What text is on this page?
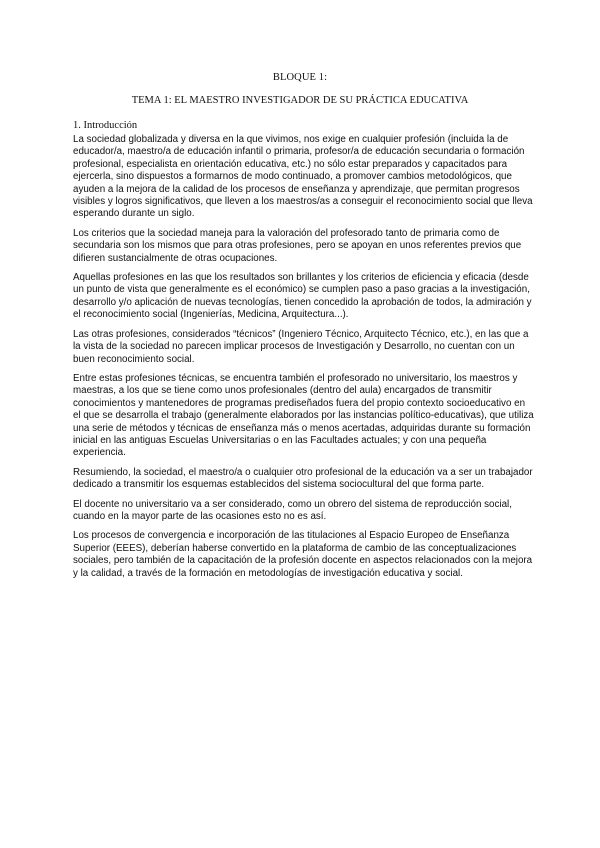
BLOQUE 1:
TEMA 1: EL MAESTRO INVESTIGADOR DE SU PRÁCTICA EDUCATIVA
1. Introducción

La sociedad globalizada y diversa en la que vivimos, nos exige en cualquier profesión (incluida la de educador/a, maestro/a de educación infantil o primaria, profesor/a de educación secundaria o formación profesional, especialista en orientación educativa, etc.) no sólo estar preparados y capacitados para ejercerla, sino dispuestos a formarnos de modo continuado, a promover cambios metodológicos, que ayuden a la mejora de la calidad de los procesos de enseñanza y aprendizaje, que permitan progresos visibles y logros significativos, que lleven a los maestros/as a conseguir el reconocimiento social que lleva esperando durante un siglo.

Los criterios que la sociedad maneja para la valoración del profesorado tanto de primaria como de secundaria son los mismos que para otras profesiones, pero se apoyan en unos referentes previos que difieren sustancialmente de otras ocupaciones.

Aquellas profesiones en las que los resultados son brillantes y los criterios de eficiencia y eficacia (desde un punto de vista que generalmente es el económico) se cumplen paso a paso gracias a la investigación, desarrollo y/o aplicación de nuevas tecnologías, tienen concedido la aprobación de todos, la admiración y el reconocimiento social (Ingenierías, Medicina, Arquitectura...).

Las otras profesiones, considerados “técnicos” (Ingeniero Técnico, Arquitecto Técnico, etc.), en las que a la vista de la sociedad no parecen implicar procesos de Investigación y Desarrollo, no cuentan con un buen reconocimiento social.

Entre estas profesiones técnicas, se encuentra también el profesorado no universitario, los maestros y maestras, a los que se tiene como unos profesionales (dentro del aula) encargados de transmitir conocimientos y mantenedores de programas prediseñados fuera del propio contexto socioeducativo en el que se desarrolla el trabajo (generalmente elaborados por las instancias político-educativas), que utiliza una serie de métodos y técnicas de enseñanza más o menos acertadas, adquiridas durante su formación inicial en las antiguas Escuelas Universitarias o en las Facultades actuales; y con una pequeña experiencia.

Resumiendo, la sociedad, el maestro/a o cualquier otro profesional de la educación va a ser un trabajador dedicado a transmitir los esquemas establecidos del sistema sociocultural del que forma parte.

El docente no universitario va a ser considerado, como un obrero del sistema de reproducción social, cuando en la mayor parte de las ocasiones esto no es así.

Los procesos de convergencia e incorporación de las titulaciones al Espacio Europeo de Enseñanza Superior (EEES), deberían haberse convertido en la plataforma de cambio de las conceptualizaciones sociales, pero también de la capacitación de la profesión docente en aspectos relacionados con la mejora y la calidad, a través de la formación en metodologías de investigación educativa y social.
